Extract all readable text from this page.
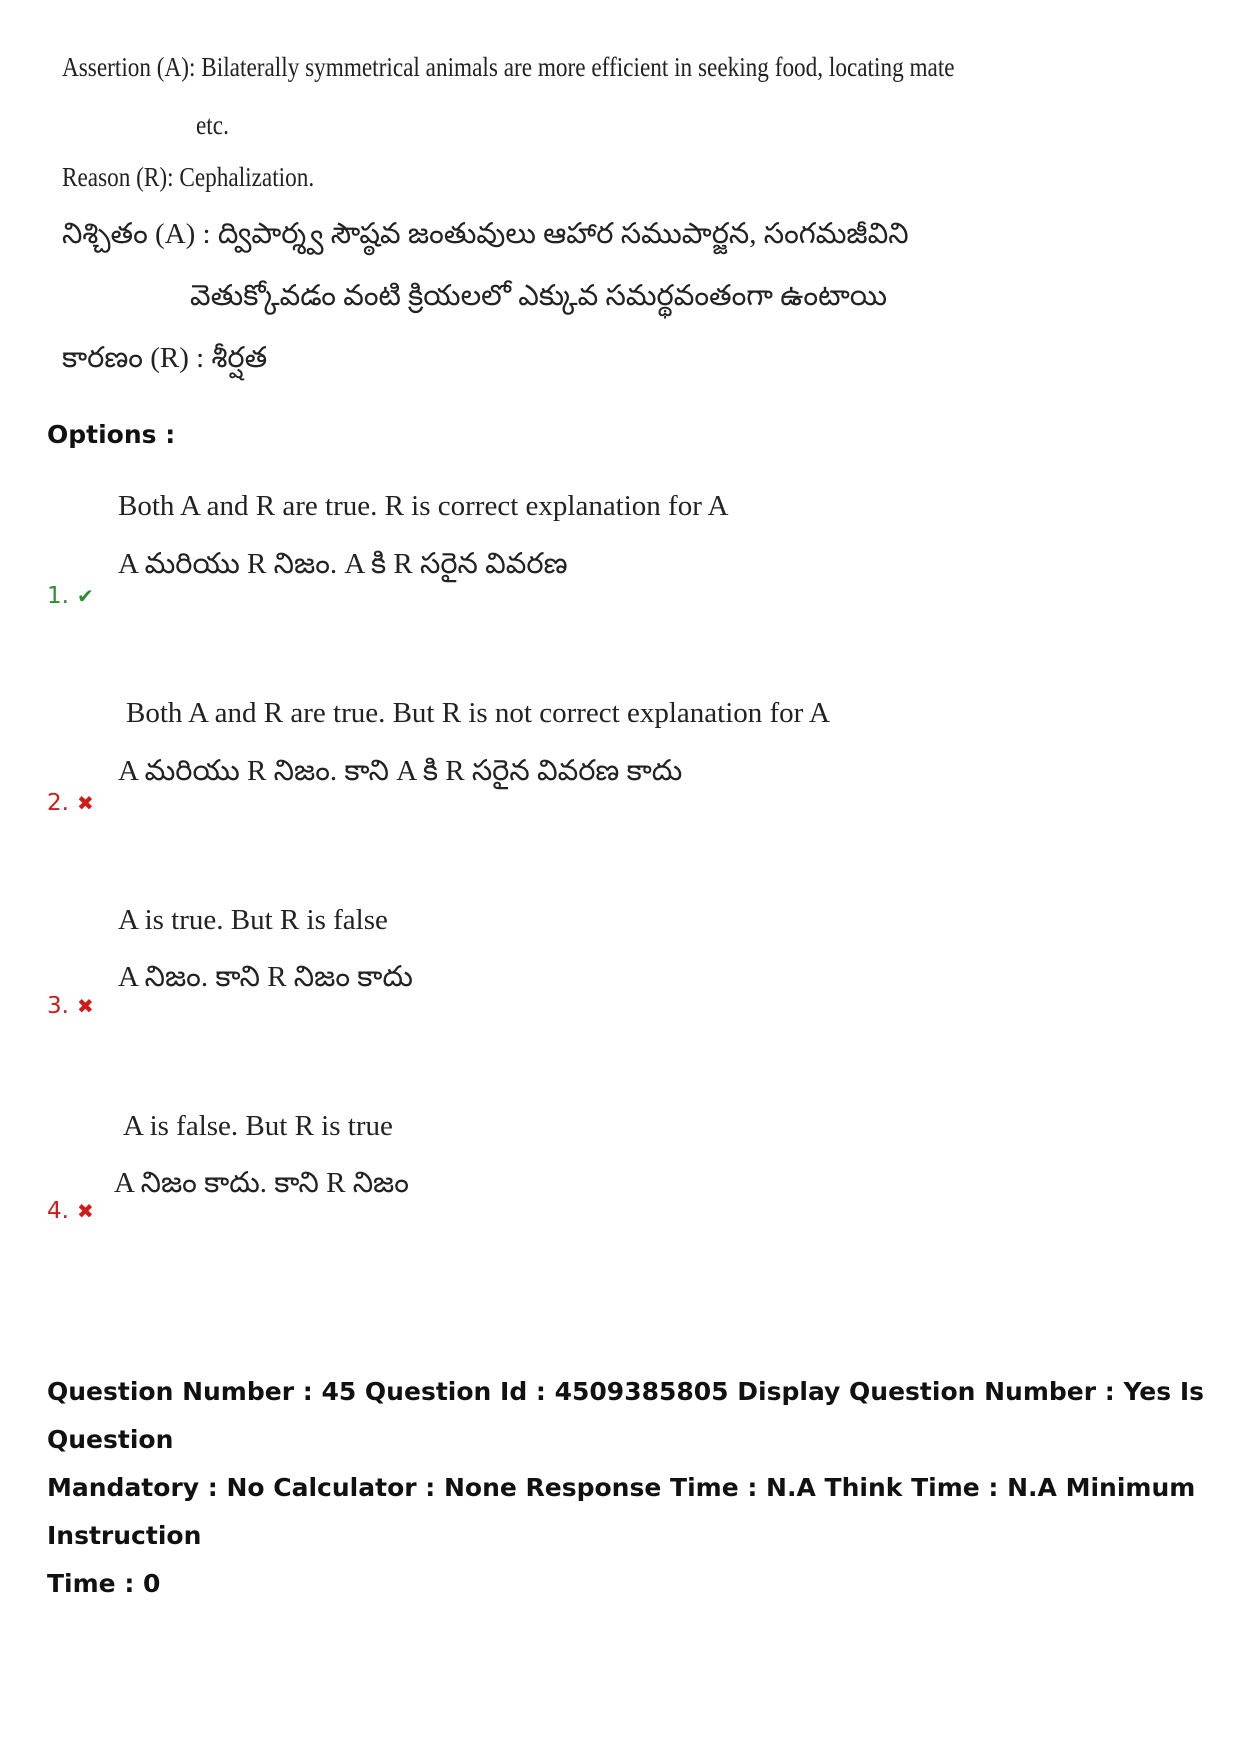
Assertion (A): Bilaterally symmetrical animals are more efficient in seeking food, locating mate
etc.
Reason (R): Cephalization.
నిశ్చితం (A) : ద్విపార్శ్వ సౌష్ఠవ జంతువులు ఆహార సముపార్జన, సంగమజీవిని
వెతుక్కోవడం వంటి క్రియలలో ఎక్కువ సమర్థవంతంగా ఉంటాయి
కారణం (R) : శీర్షత
Options :
Both A and R are true. R is correct explanation for A
A మరియు R నిజం. A కి R సరైన వివరణ
1. ✔
Both A and R are true. But R is not correct explanation for A
A మరియు R నిజం. కాని A కి R సరైన వివరణ కాదు
2. ✖
A is true. But R is false
A నిజం. కాని R నిజం కాదు
3. ✖
A is false. But R is true
A నిజం కాదు. కాని R నిజం
4. ✖
Question Number : 45 Question Id : 4509385805 Display Question Number : Yes Is Question
Mandatory : No Calculator : None Response Time : N.A Think Time : N.A Minimum Instruction
Time : 0
